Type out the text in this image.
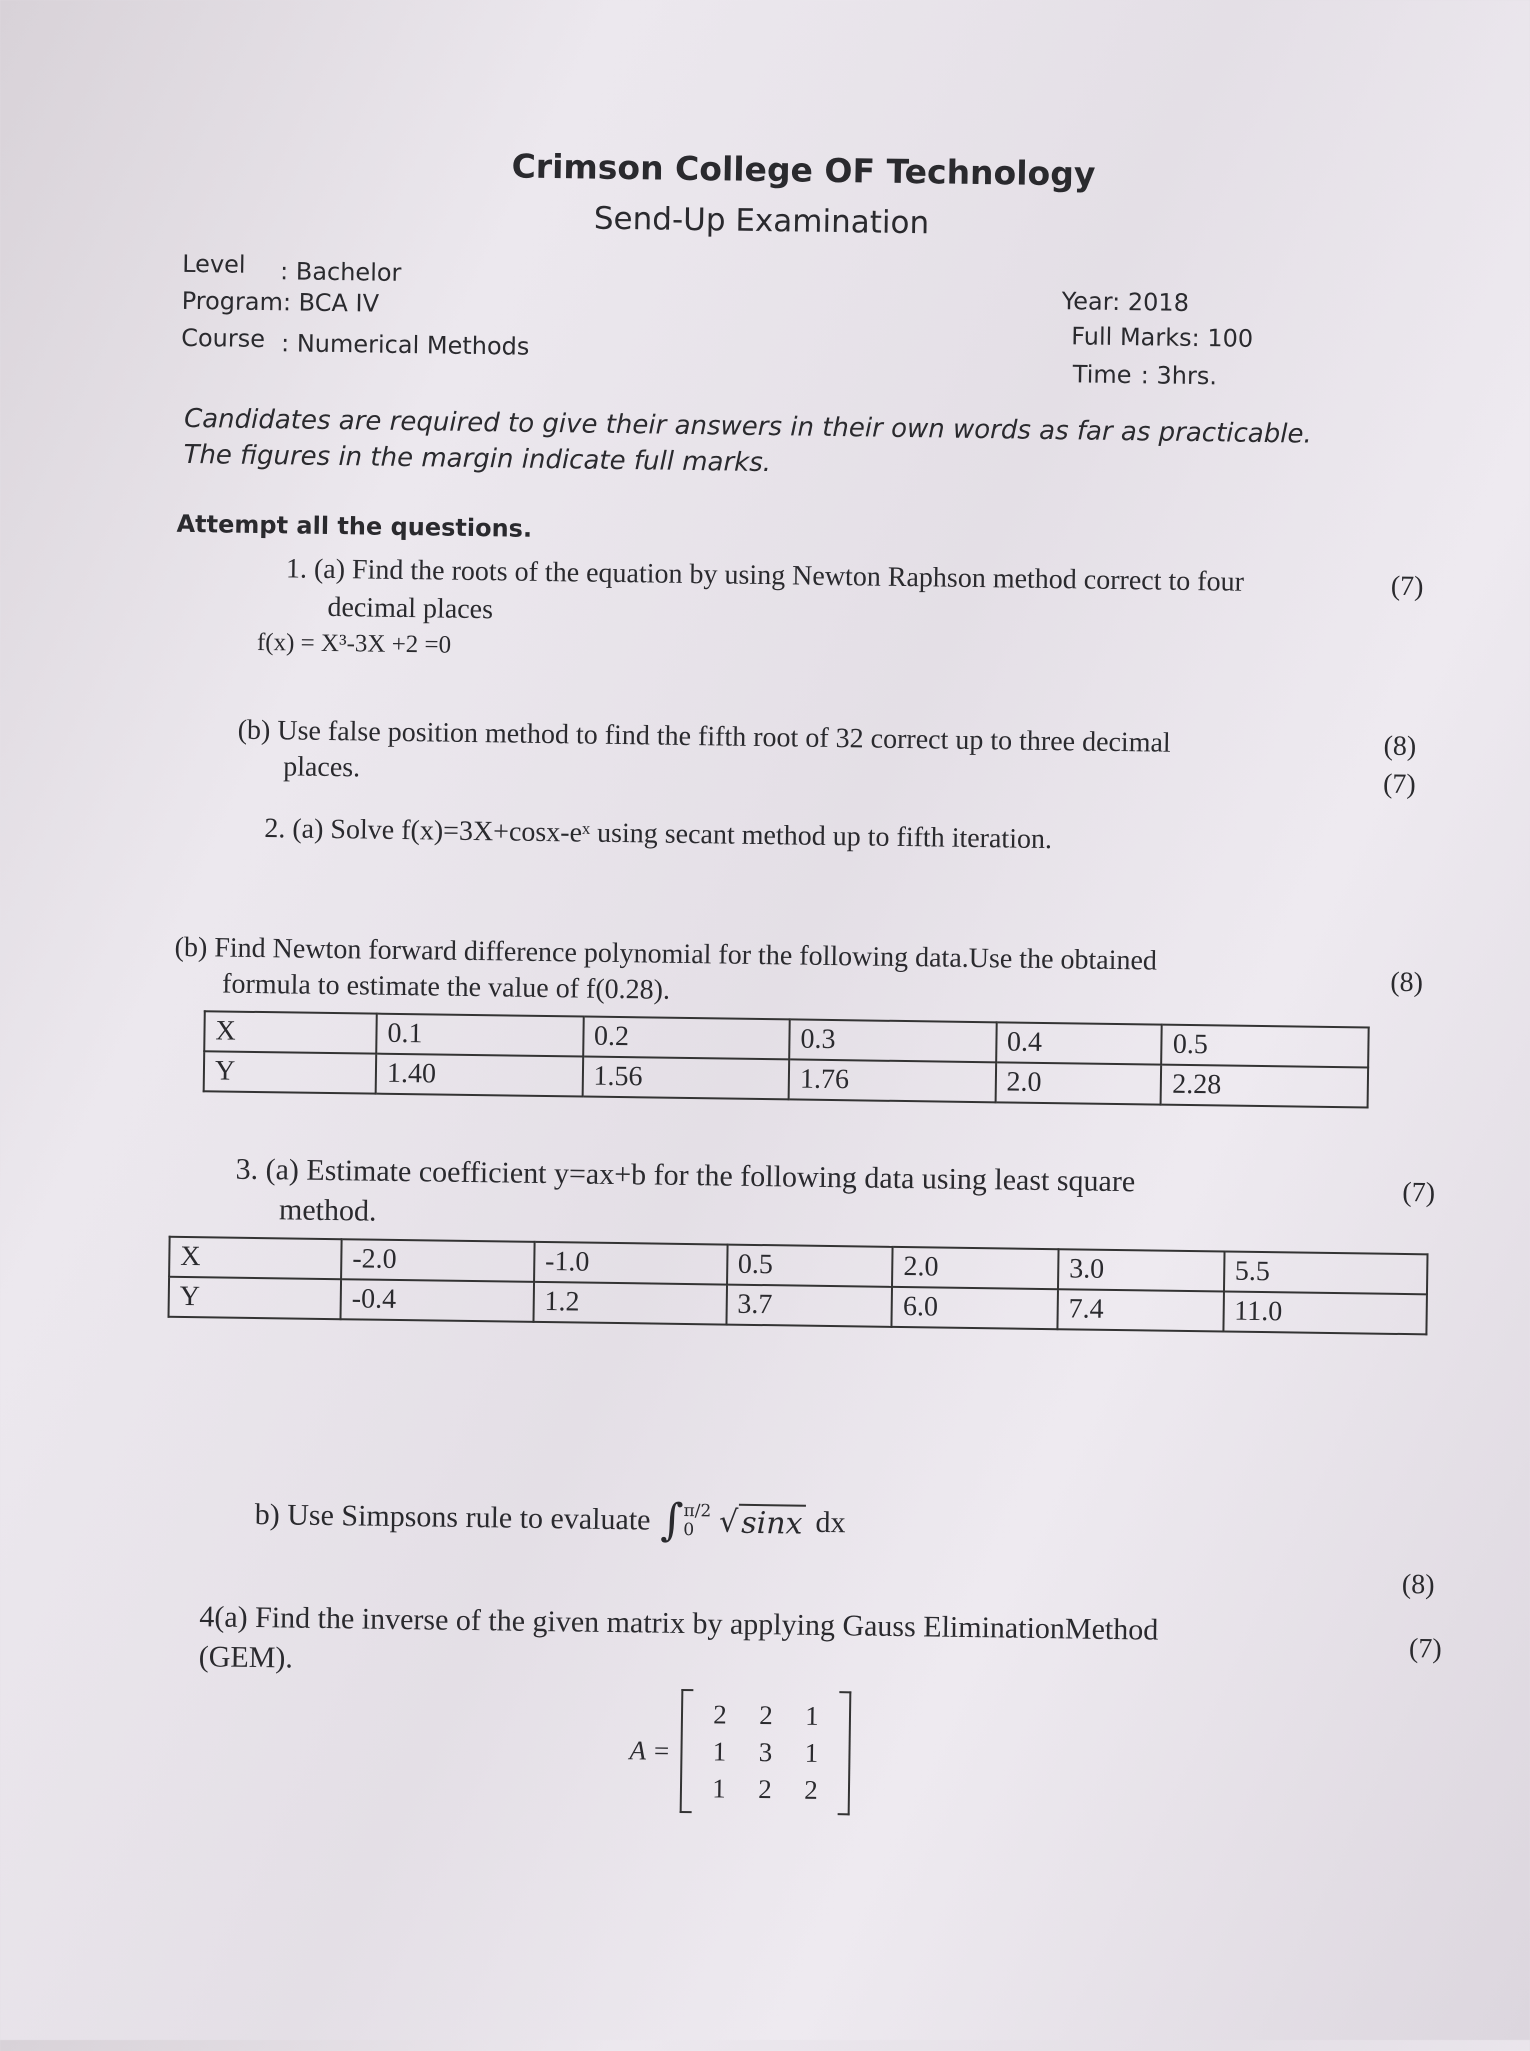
Crimson College OF Technology
Send-Up Examination
Level : Bachelor
Program: BCA IV
Course : Numerical Methods
Year: 2018
Full Marks: 100
Time : 3hrs.
Candidates are required to give their answers in their own words as far as practicable.
The figures in the margin indicate full marks.
Attempt all the questions.
1. (a) Find the roots of the equation by using Newton Raphson method correct to four	(7)
decimal places
f(x) = X³-3X +2 =0
(b) Use false position method to find the fifth root of 32 correct up to three decimal	(8)
places.
(7)
2. (a) Solve f(x)=3X+cosx-eˣ using secant method up to fifth iteration.
(b) Find Newton forward difference polynomial for the following data.Use the obtained
(8)
formula to estimate the value of f(0.28).
X	0.1	0.2	0.3	0.4	0.5
Y	1.40	1.56	1.76	2.0	2.28
3. (a) Estimate coefficient y=ax+b for the following data using least square	(7)
method.
X	-2.0	-1.0	0.5	2.0	3.0	5.5
Y	-0.4	1.2	3.7	6.0	7.4	11.0
b) Use Simpsons rule to evaluate ∫ π/2
0 √ sinx dx
(8)
4(a) Find the inverse of the given matrix by applying Gauss EliminationMethod
(7)
(GEM).
A =
2	2	1
1	3	1
1	2	2
